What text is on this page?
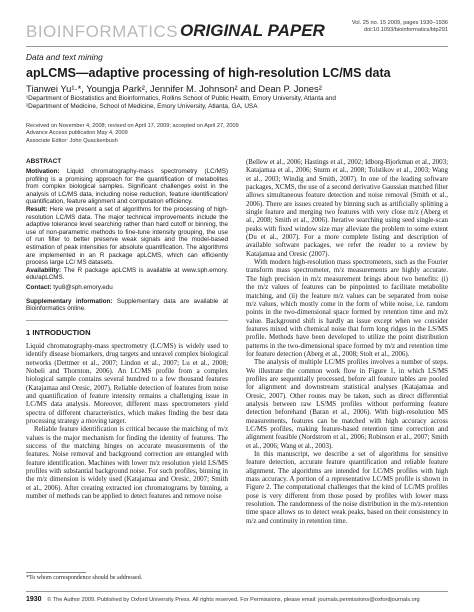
BIOINFORMATICS ORIGINAL PAPER	Vol. 25 no. 15 2009, pages 1930–1936
doi:10.1093/bioinformatics/btp291
Data and text mining
apLCMS—adaptive processing of high-resolution LC/MS data
Tianwei Yu¹·*, Youngja Park², Jennifer M. Johnson² and Dean P. Jones²
¹Department of Biostatistics and Bioinformatics, Rollins School of Public Health, Emory University, Atlanta and
²Department of Medicine, School of Medicine, Emory University, Atlanta, GA, USA
Received on November 4, 2008; revised on April 17, 2009; accepted on April 27, 2009
Advance Access publication May 4, 2009
Associate Editor: John Quackenbush
ABSTRACT

Motivation: Liquid chromatography-mass spectrometry (LC/MS) profiling is a promising approach for the quantification of metabolites from complex biological samples. Significant challenges exist in the analysis of LC/MS data, including noise reduction, feature identification/ quantification, feature alignment and computation efficiency.

Result: Here we present a set of algorithms for the processing of high-resolution LC/MS data. The major technical improvements include the adaptive tolerance level searching rather than hard cutoff or binning, the use of non-parametric methods to fine-tune intensity grouping, the use of run filter to better preserve weak signals and the model-based estimation of peak intensities for absolute quantification. The algorithms are implemented in an R package apLCMS, which can efficiently process large LC/ MS datasets.

Availability: The R package apLCMS is available at www.sph.emory. edu/apLCMS.

Contact: tyu8@sph.emory.edu

Supplementary information: Supplementary data are available at Bioinformatics online.

1 INTRODUCTION

Liquid chromatography-mass spectrometry (LC/MS) is widely used to identify disease biomarkers, drug targets and unravel complex biological networks (Dettmer et al., 2007; Lindon et al., 2007; Lu et al., 2008; Nobeli and Thornton, 2006). An LC/MS profile from a complex biological sample contains several hundred to a few thousand features (Katajamaa and Oresic, 2007). Reliable detection of features from noise and quantification of feature intensity remains a challenging issue in LC/MS data analysis. Moreover, different mass spectrometers yield spectra of different characteristics, which makes finding the best data processing strategy a moving target.

Reliable feature identification is critical because the matching of m/z values is the major mechanism for finding the identity of features. The success of the matching hinges on accurate measurements of the features. Noise removal and background correction are entangled with feature identification. Machines with lower m/z resolution yield LS/MS profiles with substantial background noise. For such profiles, binning in the m/z dimension is widely used (Katajamaa and Oresic, 2007; Smith et al., 2006). After creating extracted ion chromatograms by binning, a number of methods can be applied to detect features and remove noise

(Bellew et al., 2006; Hastings et al., 2002; Idborg-Bjorkman et al., 2003; Katajamaa et al., 2006; Sturm et al., 2008; Tolstikov et al., 2003; Wang et al., 2003; Windig and Smith, 2007). In one of the leading software packages, XCMS, the use of a second derivative Gaussian matched filter allows simultaneous feature detection and noise removal (Smith et al., 2006). There are issues created by binning such as artificially splitting a single feature and merging two features with very close m/z (Aberg et al., 2008; Smith et al., 2006). Iterative searching using seed single-scan peaks with fixed window size may alleviate the problem to some extent (Du et al., 2007). For a more complete listing and description of available software packages, we refer the reader to a review by Katajamaa and Oresic (2007).

With modern high-resolution mass spectrometers, such as the Fourier transform mass spectrometer, m/z measurements are highly accurate. The high precision in m/z measurement brings about two benefits: (i) the m/z values of features can be pinpointed to facilitate metabolite matching, and (ii) the feature m/z values can be separated from noise m/z values, which mostly come in the form of white noise, i.e. random points in the two-dimensional space formed by retention time and m/z value. Background shift is hardly an issue except when we consider features mixed with chemical noise that form long ridges in the LS/MS profile. Methods have been developed to utilize the point distribution patterns in the two-dimensional space formed by m/z and retention time for feature detection (Aberg et al., 2008; Stolt et al., 2006).

The analysis of multiple LC/MS profiles involves a number of steps. We illustrate the common work flow in Figure 1, in which LS/MS profiles are sequentially processed, before all feature tables are pooled for alignment and downstream statistical analyses (Katajamaa and Oresic, 2007). Other routes may be taken, such as direct differential analysis between raw LS/MS profiles without performing feature detection beforehand (Baran et al., 2006). With high-resolution MS measurements, features can be matched with high accuracy across LC/MS profiles, making feature-based retention time correction and alignment feasible (Nordstrom et al., 2006; Robinson et al., 2007; Smith et al., 2006; Wang et al., 2003).

In this manuscript, we describe a set of algorithms for sensitive feature detection, accurate feature quantification and reliable feature alignment. The algorithms are intended for LC/MS profiles with high mass accuracy. A portion of a representative LC/MS profile is shown in Figure 2. The computational challenges that the kind of LC/MS profiles pose is very different from those posed by profiles with lower mass resolution. The randomness of the noise distribution in the m/z-retention time space allows us to detect weak peaks, based on their consistency in m/z and continuity in retention time.

*To whom correspondence should be addressed.
1930 © The Author 2009. Published by Oxford University Press. All rights reserved. For Permissions, please email: journals.permissions@oxfordjournals.org
